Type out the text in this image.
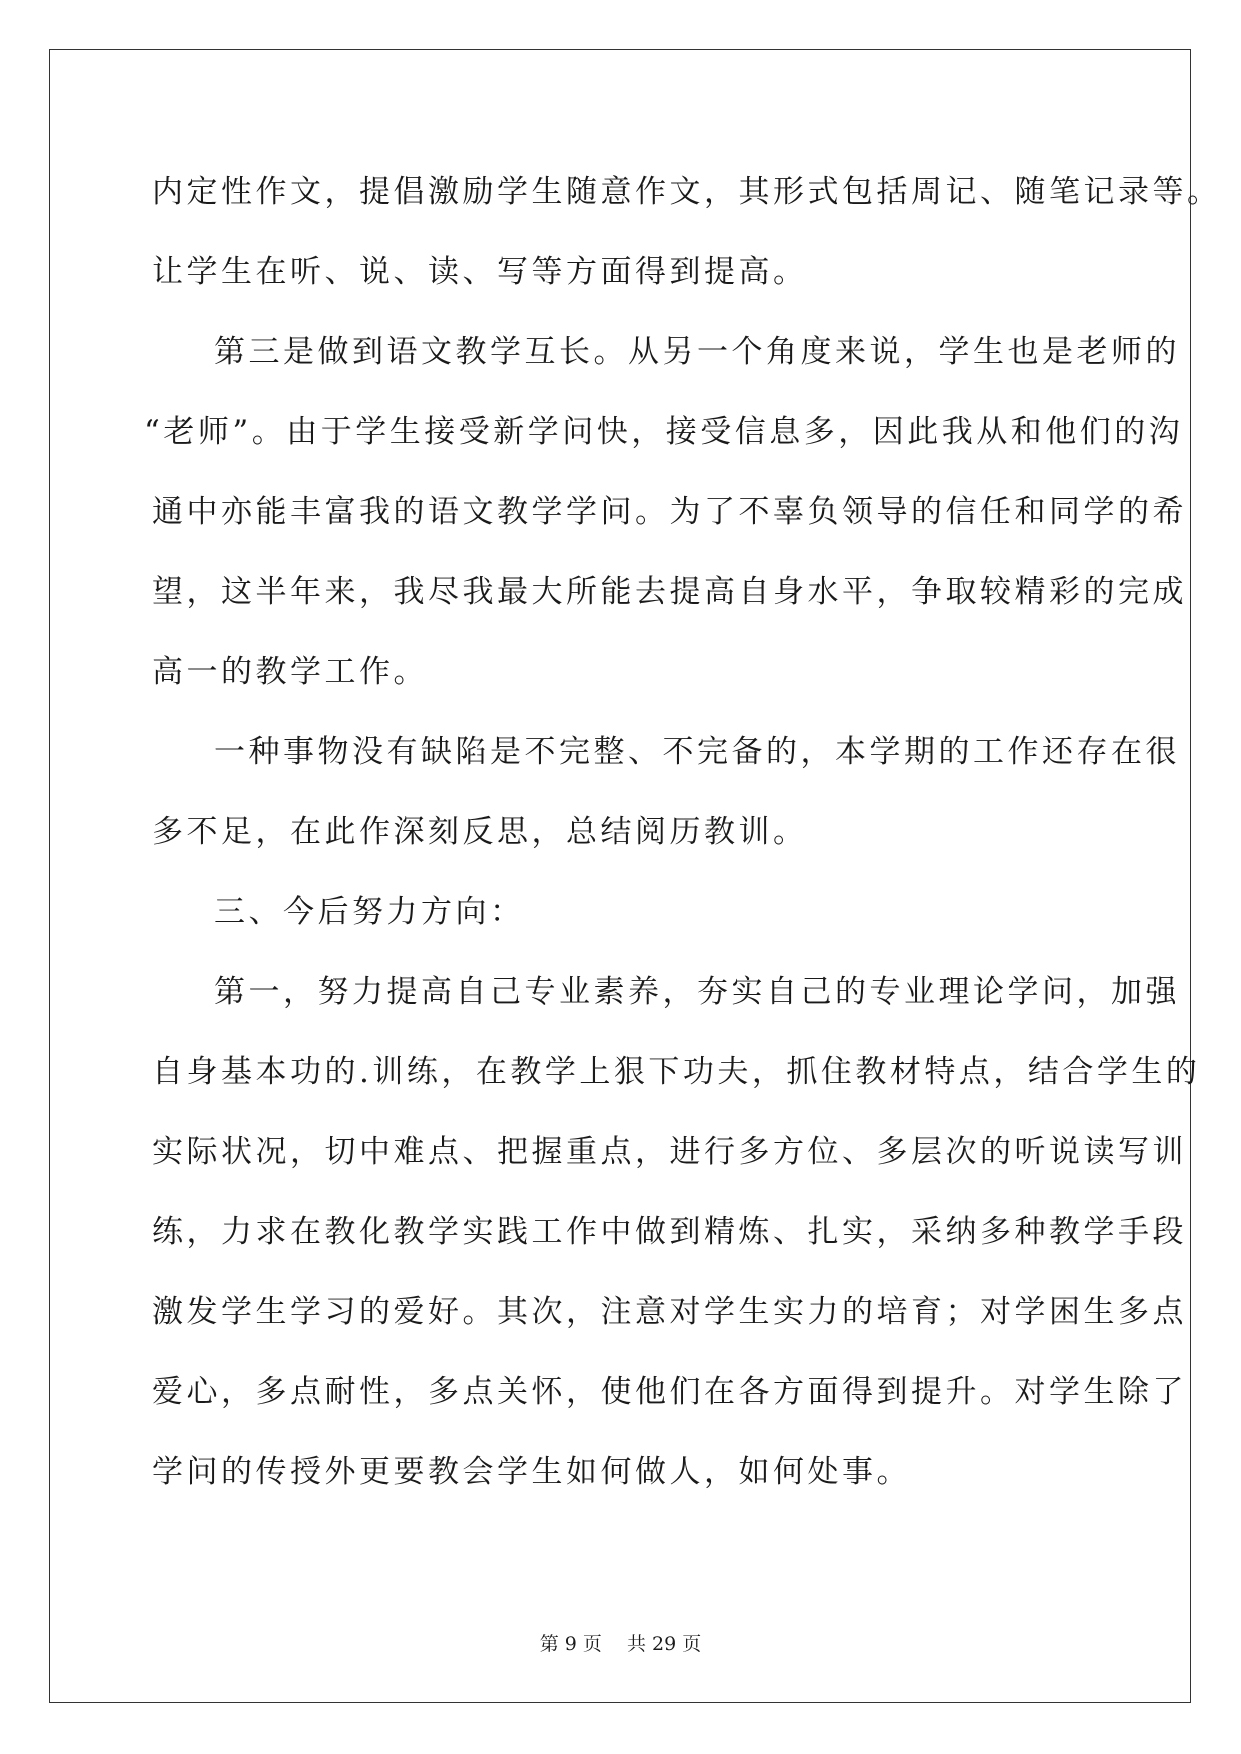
内定性作文，提倡激励学生随意作文，其形式包括周记、随笔记录等。
让学生在听、说、读、写等方面得到提高。
第三是做到语文教学互长。从另一个角度来说，学生也是老师的
“老师”。由于学生接受新学问快，接受信息多，因此我从和他们的沟
通中亦能丰富我的语文教学学问。为了不辜负领导的信任和同学的希
望，这半年来，我尽我最大所能去提高自身水平，争取较精彩的完成
高一的教学工作。
一种事物没有缺陷是不完整、不完备的，本学期的工作还存在很
多不足，在此作深刻反思，总结阅历教训。
三、今后努力方向：
第一，努力提高自己专业素养，夯实自己的专业理论学问，加强
自身基本功的.训练，在教学上狠下功夫，抓住教材特点，结合学生的
实际状况，切中难点、把握重点，进行多方位、多层次的听说读写训
练，力求在教化教学实践工作中做到精炼、扎实，采纳多种教学手段
激发学生学习的爱好。其次，注意对学生实力的培育；对学困生多点
爱心，多点耐性，多点关怀，使他们在各方面得到提升。对学生除了
学问的传授外更要教会学生如何做人，如何处事。
第 9 页　 共 29 页
